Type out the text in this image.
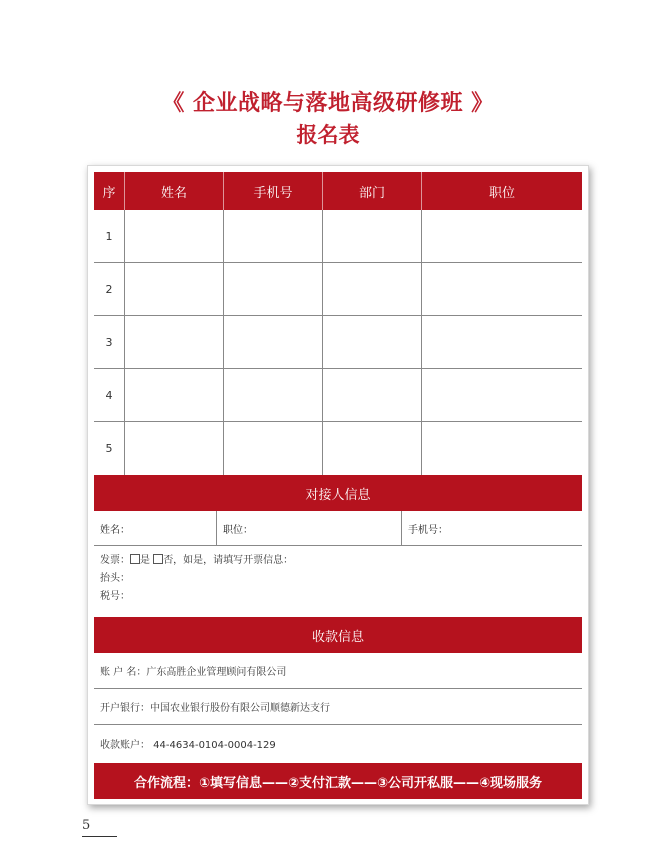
《 企业战略与落地高级研修班 》
报名表
序	姓名	手机号	部门	职位
1
2
3
4
5
对接人信息
姓名：	职位：	手机号：
发票： 是 否，如是，请填写开票信息：
抬头：
税号：
收款信息
账 户 名：广东高胜企业管理顾问有限公司
开户银行：中国农业银行股份有限公司顺德新达支行
收款账户： 44-4634-0104-0004-129
合作流程：①填写信息——②支付汇款——③公司开私服——④现场服务
5
